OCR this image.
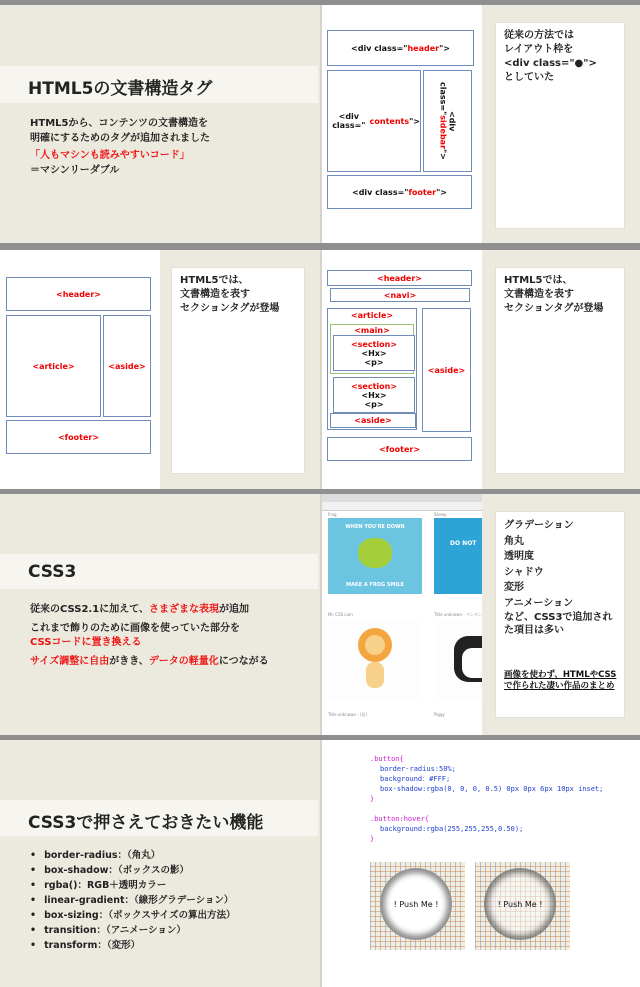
HTML5の文書構造タグ
HTML5から、コンテンツの文書構造を
明確にするためのタグが追加されました
「人もマシンも読みやすいコード」
＝マシンリーダブル
<div class=" header ">
<div class=" contents ">	<div class="sidebar">
<div class=" footer ">
従来の方法では
レイアウト枠を
<div class="●">
としていた
<header>
<article>	<aside>
<footer>
HTML5では、
文書構造を表す
セクションタグが登場
<header>
<navi>
<article>
<main>
<section>
<Hx>
<p>
<section>
<Hx>
<p>
<aside>
<aside>
<footer>
HTML5では、
文書構造を表す
セクションタグが登場
CSS3
従来のCSS2.1に加えて、さまざまな表現が追加
これまで飾りのために画像を使っていた部分を
CSSコードに置き換える
サイズ調整に自由がきき、データの軽量化につながる
Frog
WHEN YOU'RE DOWN
MAKE A FROG SMILE
Sheep
DO NOT
Mr. CSS Lion	Title unknown - ペンギン
Title unknown - (仮)	Piggy
グラデーション
角丸
透明度
シャドウ
変形
アニメーション
など、CSS3で追加され
た項目は多い
画像を使わず、HTMLやCSS
で作られた凄い作品のまとめ
CSS3で押さえておきたい機能
• border-radius：（角丸）
• box-shadow：（ボックスの影）
• rgba()：RGB＋透明カラー
• linear-gradient：（線形グラデーション）
• box-sizing：（ボックスサイズの算出方法）
• transition：（アニメーション）
• transform：（変形）
.button{
border-radius:50%;
background：#FFF;
box-shadow:rgba(0, 0, 0, 0.5) 0px 0px 6px 10px inset;
}
.button:hover{
background:rgba(255,255,255,0.50);
}
! Push Me !	! Push Me !
